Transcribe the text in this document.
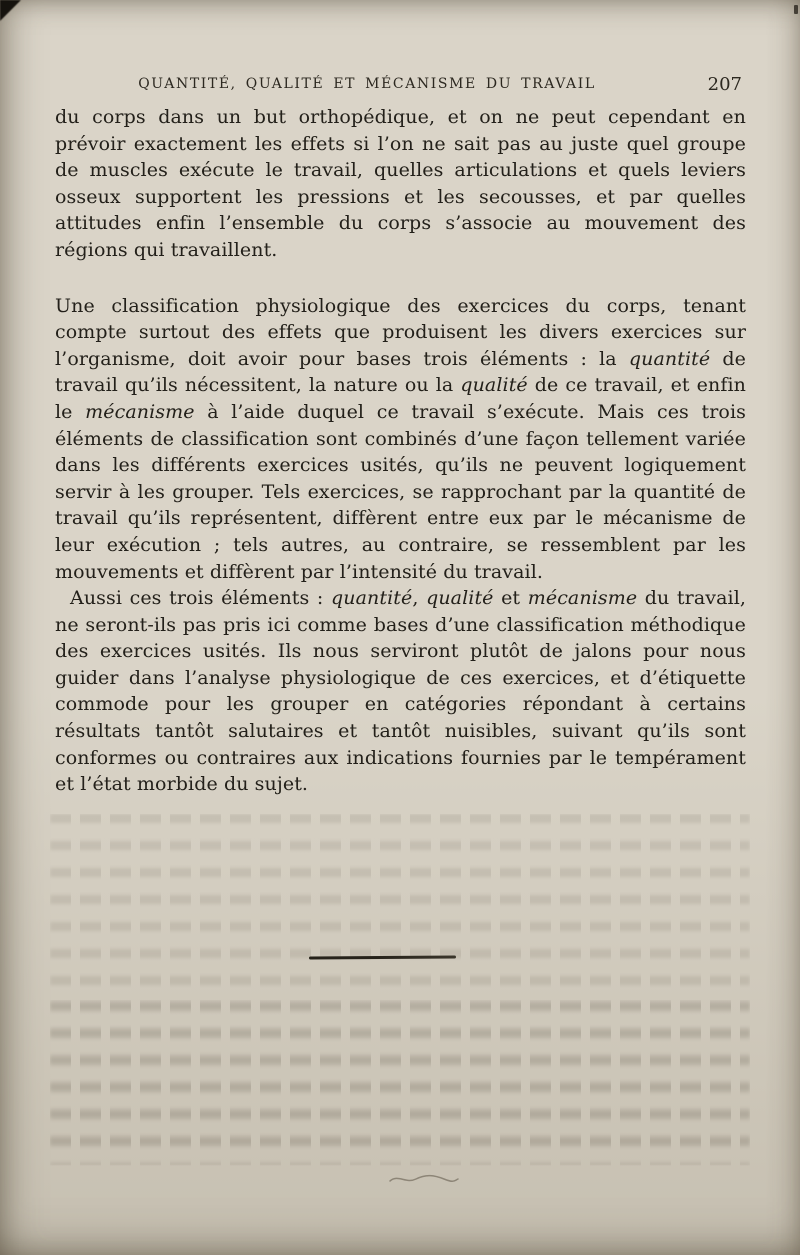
QUANTITÉ, QUALITÉ ET MÉCANISME DU TRAVAIL	207

du corps dans un but orthopédique, et on ne peut cependant en prévoir exactement les effets si l’on ne sait pas au juste quel groupe de muscles exécute le travail, quelles articulations et quels leviers osseux supportent les pressions et les secousses, et par quelles attitudes enfin l’ensemble du corps s’associe au mouvement des régions qui travaillent.

Une classification physiologique des exercices du corps, tenant compte surtout des effets que produisent les divers exercices sur l’organisme, doit avoir pour bases trois éléments : la quantité de travail qu’ils nécessitent, la nature ou la qualité de ce travail, et enfin le mécanisme à l’aide duquel ce travail s’exécute. Mais ces trois éléments de classification sont combinés d’une façon tellement variée dans les différents exercices usités, qu’ils ne peuvent logiquement servir à les grouper. Tels exercices, se rapprochant par la quantité de travail qu’ils représentent, diffèrent entre eux par le mécanisme de leur exécution ; tels autres, au contraire, se ressemblent par les mouvements et diffèrent par l’intensité du travail.

Aussi ces trois éléments : quantité, qualité et mécanisme du travail, ne seront-ils pas pris ici comme bases d’une classification méthodique des exercices usités. Ils nous serviront plutôt de jalons pour nous guider dans l’analyse physiologique de ces exercices, et d’étiquette commode pour les grouper en catégories répondant à certains résultats tantôt salutaires et tantôt nuisibles, suivant qu’ils sont conformes ou contraires aux indications fournies par le tempérament et l’état morbide du sujet.
